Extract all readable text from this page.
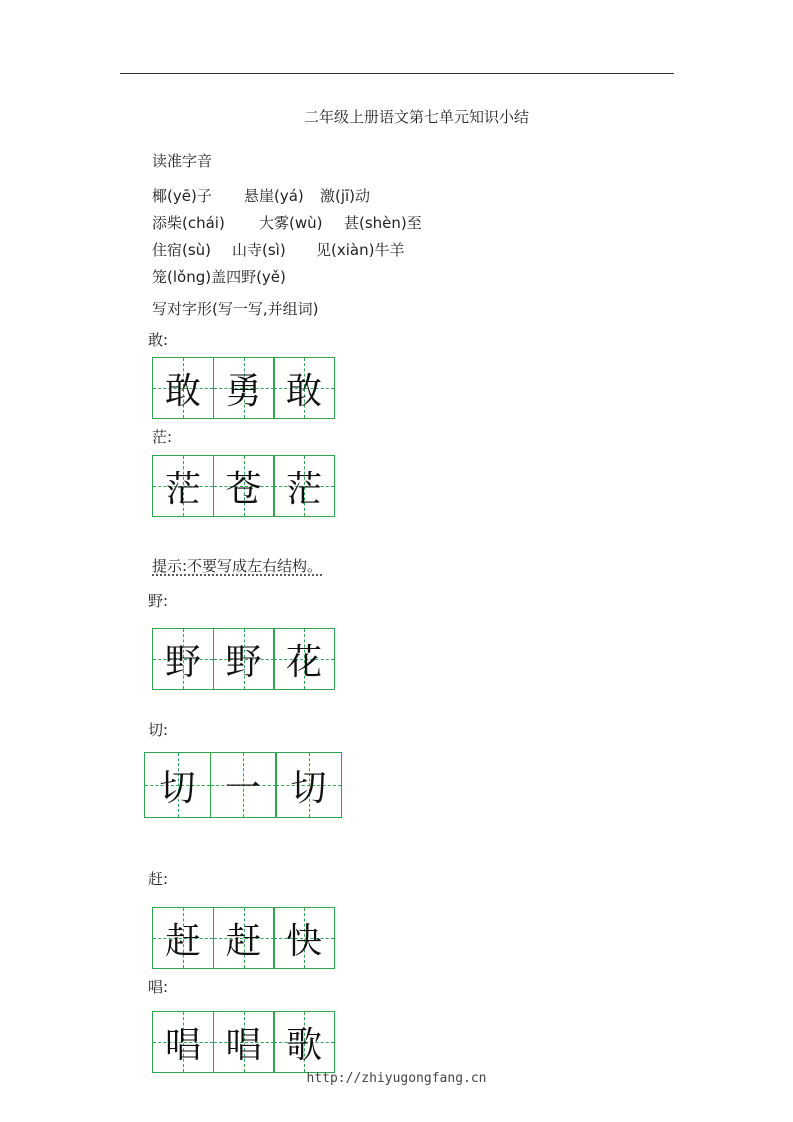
二年级上册语文第七单元知识小结
读准字音
椰(yē)子 悬崖(yá) 激(jī)动
添柴(chái) 大雾(wù) 甚(shèn)至
住宿(sù) 山寺(sì) 见(xiàn)牛羊
笼(lǒng)盖四野(yě)
写对字形(写一写,并组词)
敢:
敢 勇 敢
茫:
茫 苍 茫
提示:不要写成左右结构。
野:
野 野 花
切:
切 一 切
赶:
赶 赶 快
唱:
唱 唱 歌
http://zhiyugongfang.cn
